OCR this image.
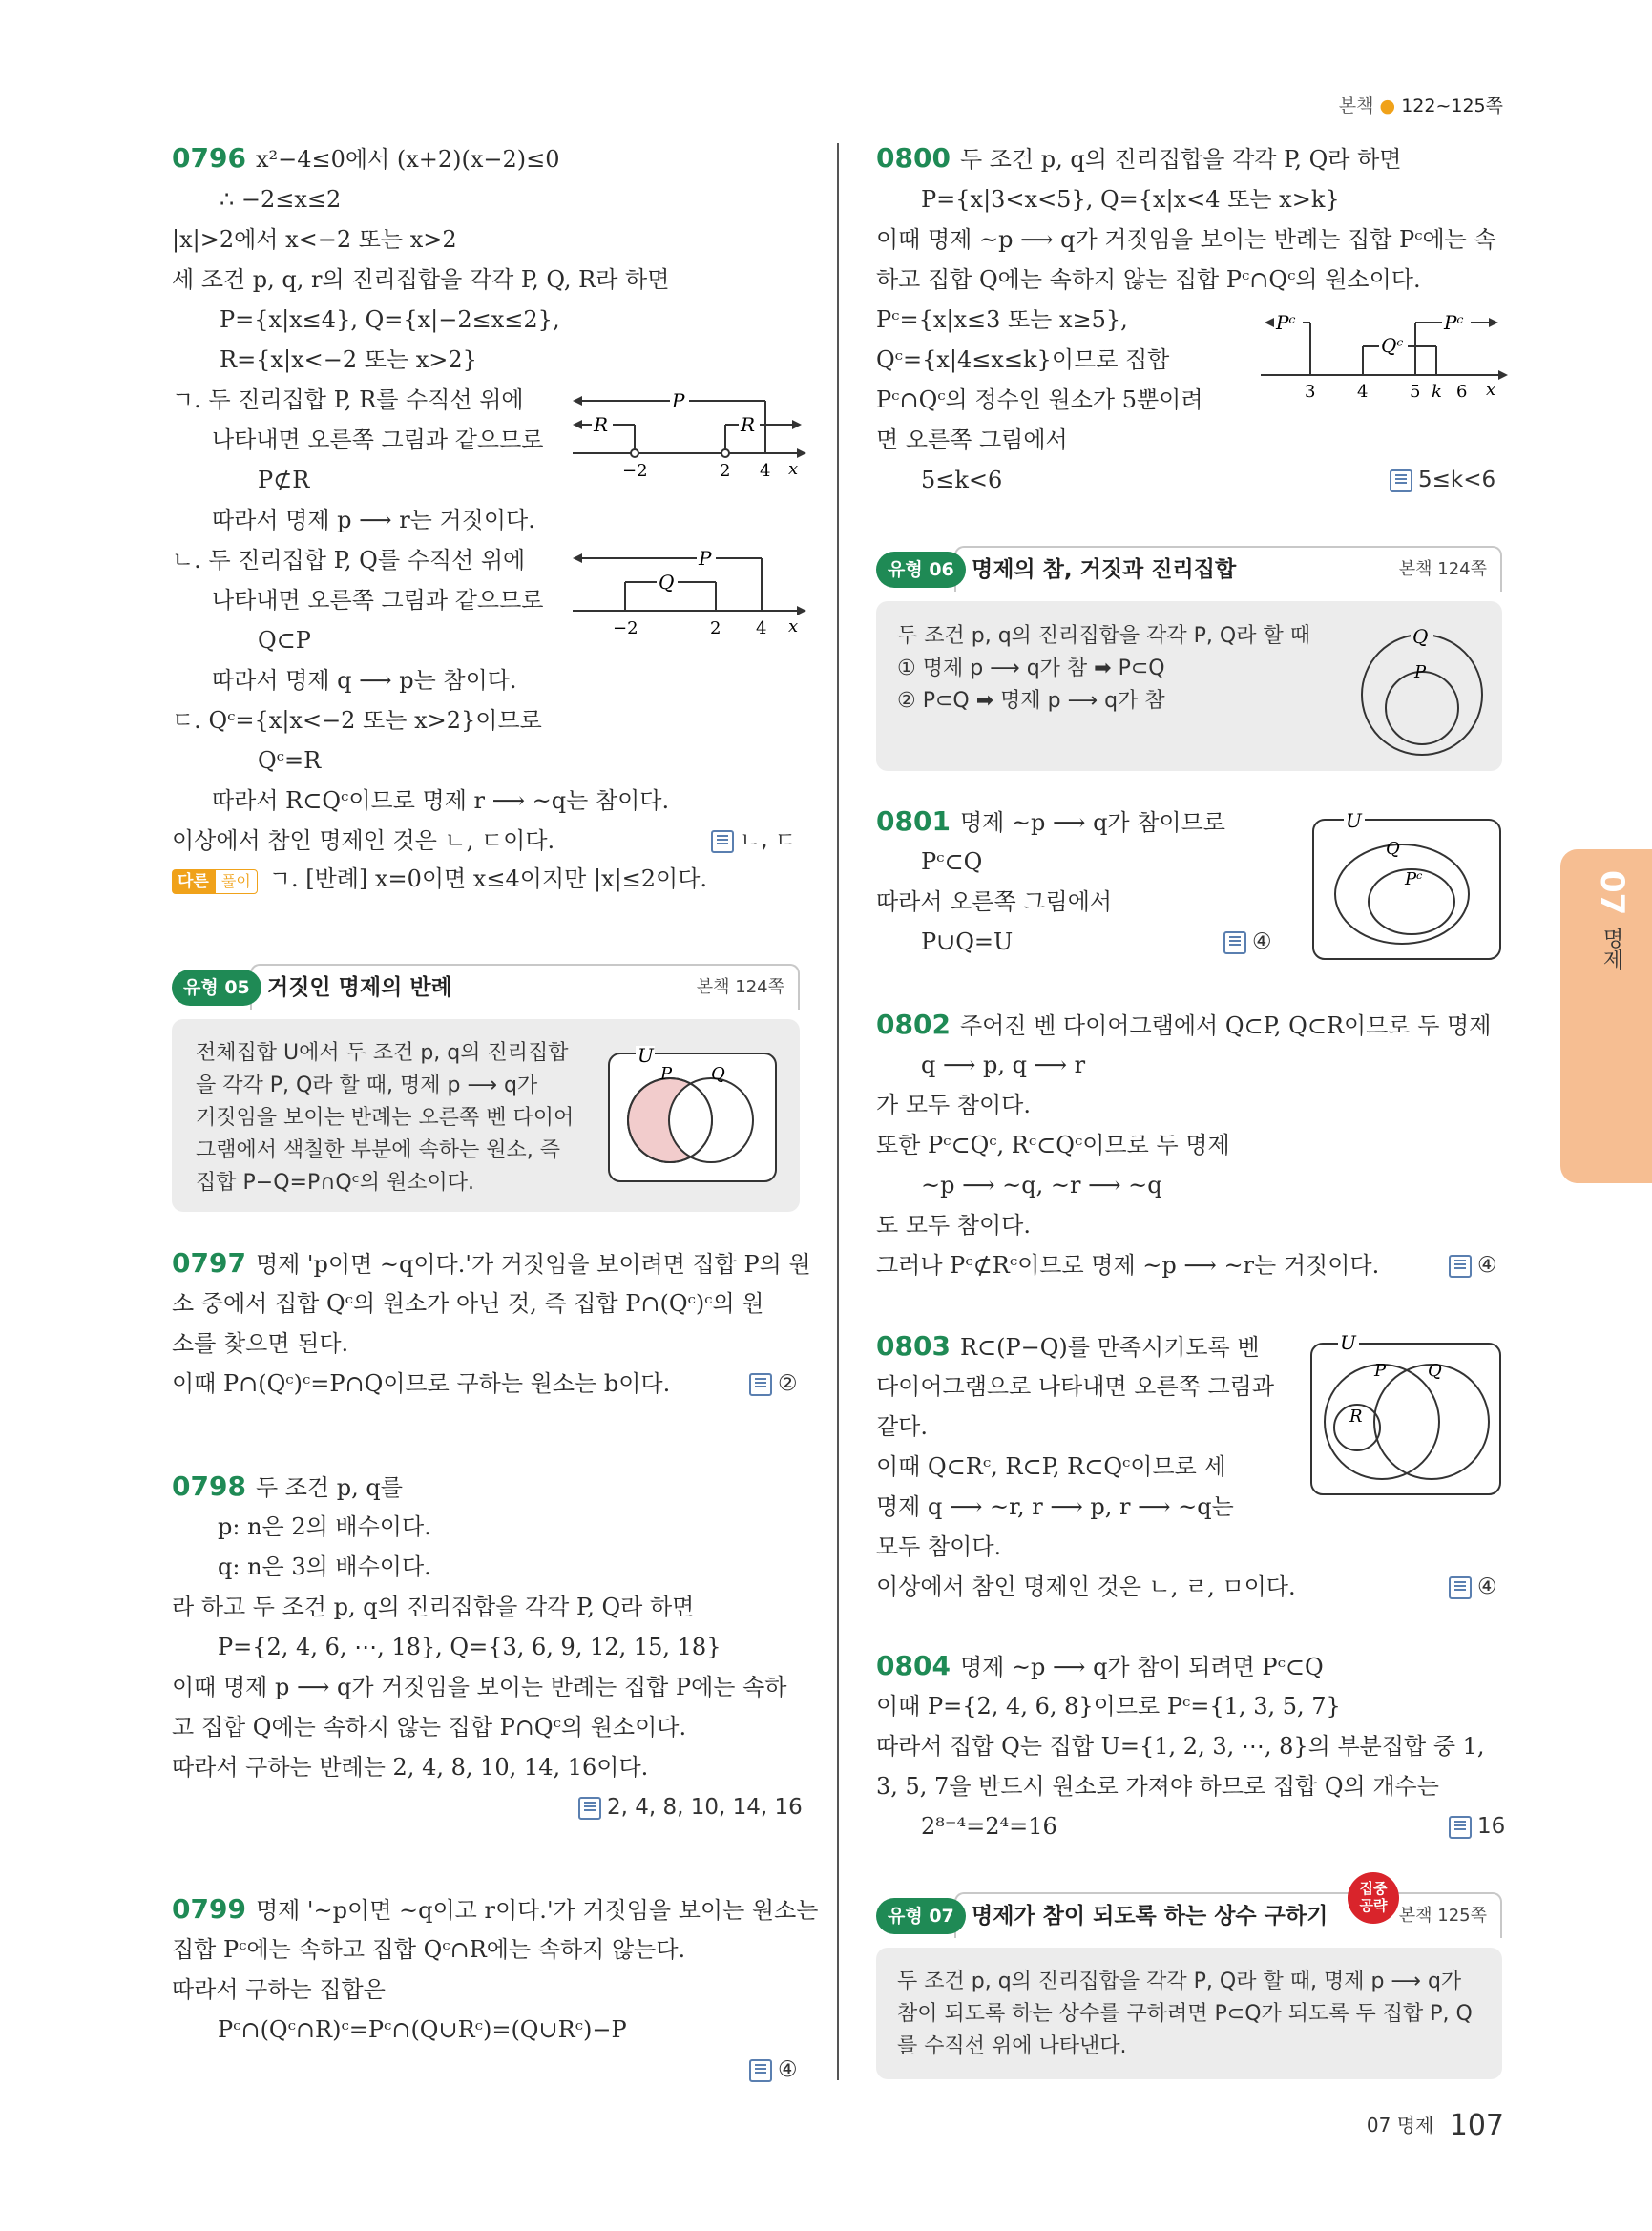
본책 ● 122~125쪽
0796 x²−4≤0에서 (x+2)(x−2)≤0
∴ −2≤x≤2
|x|>2에서 x<−2 또는 x>2
세 조건 p, q, r의 진리집합을 각각 P, Q, R라 하면
P={x|x≤4}, Q={x|−2≤x≤2},
R={x|x<−2 또는 x>2}
ㄱ. 두 진리집합 P, R를 수직선 위에
나타내면 오른쪽 그림과 같으므로
P⊄R
따라서 명제 p ⟶ r는 거짓이다.
ㄴ. 두 진리집합 P, Q를 수직선 위에
나타내면 오른쪽 그림과 같으므로
Q⊂P
따라서 명제 q ⟶ p는 참이다.
ㄷ. Qᶜ={x|x<−2 또는 x>2}이므로
Qᶜ=R
따라서 R⊂Qᶜ이므로 명제 r ⟶ ~q는 참이다.
이상에서 참인 명제인 것은 ㄴ, ㄷ이다.	ㄴ, ㄷ
다른 풀이 ㄱ. [반례] x=0이면 x≤4이지만 |x|≤2이다.
P
R	R
−2	2 4 x
P
Q
−2	2 4 x
거짓인 명제의 반례	본책 124쪽
유형 05
전체집합 U에서 두 조건 p, q의 진리집합
을 각각 P, Q라 할 때, 명제 p ⟶ q가
거짓임을 보이는 반례는 오른쪽 벤 다이어
그램에서 색칠한 부분에 속하는 원소, 즉
집합 P−Q=P∩Qᶜ의 원소이다.
U
P Q
0797 명제 'p이면 ~q이다.'가 거짓임을 보이려면 집합 P의 원
소 중에서 집합 Qᶜ의 원소가 아닌 것, 즉 집합 P∩(Qᶜ)ᶜ의 원
소를 찾으면 된다.
이때 P∩(Qᶜ)ᶜ=P∩Q이므로 구하는 원소는 b이다.	②
0798 두 조건 p, q를
p: n은 2의 배수이다.
q: n은 3의 배수이다.
라 하고 두 조건 p, q의 진리집합을 각각 P, Q라 하면
P={2, 4, 6, ⋯, 18}, Q={3, 6, 9, 12, 15, 18}
이때 명제 p ⟶ q가 거짓임을 보이는 반례는 집합 P에는 속하
고 집합 Q에는 속하지 않는 집합 P∩Qᶜ의 원소이다.
따라서 구하는 반례는 2, 4, 8, 10, 14, 16이다.
2, 4, 8, 10, 14, 16
0799 명제 '~p이면 ~q이고 r이다.'가 거짓임을 보이는 원소는
집합 Pᶜ에는 속하고 집합 Qᶜ∩R에는 속하지 않는다.
따라서 구하는 집합은
Pᶜ∩(Qᶜ∩R)ᶜ=Pᶜ∩(Q∪Rᶜ)=(Q∪Rᶜ)−P
④
0800 두 조건 p, q의 진리집합을 각각 P, Q라 하면
P={x|3<x<5}, Q={x|x<4 또는 x>k}
이때 명제 ~p ⟶ q가 거짓임을 보이는 반례는 집합 Pᶜ에는 속
하고 집합 Q에는 속하지 않는 집합 Pᶜ∩Qᶜ의 원소이다.
Pᶜ={x|x≤3 또는 x≥5},
Qᶜ={x|4≤x≤k}이므로 집합
Pᶜ∩Qᶜ의 정수인 원소가 5뿐이려
면 오른쪽 그림에서
5≤k<6	5≤k<6
Pᶜ	Pᶜ
Qᶜ
3 4 5 k 6 x
명제의 참, 거짓과 진리집합	본책 124쪽
유형 06
두 조건 p, q의 진리집합을 각각 P, Q라 할 때
① 명제 p ⟶ q가 참 ➡ P⊂Q
② P⊂Q ➡ 명제 p ⟶ q가 참
Q
P
0801 명제 ~p ⟶ q가 참이므로
Pᶜ⊂Q
따라서 오른쪽 그림에서
P∪Q=U	④
U
Q
Pᶜ
0802 주어진 벤 다이어그램에서 Q⊂P, Q⊂R이므로 두 명제
q ⟶ p, q ⟶ r
가 모두 참이다.
또한 Pᶜ⊂Qᶜ, Rᶜ⊂Qᶜ이므로 두 명제
~p ⟶ ~q, ~r ⟶ ~q
도 모두 참이다.
그러나 Pᶜ⊄Rᶜ이므로 명제 ~p ⟶ ~r는 거짓이다.	④
0803 R⊂(P−Q)를 만족시키도록 벤
다이어그램으로 나타내면 오른쪽 그림과
같다.
이때 Q⊂Rᶜ, R⊂P, R⊂Qᶜ이므로 세
명제 q ⟶ ~r, r ⟶ p, r ⟶ ~q는
모두 참이다.
이상에서 참인 명제인 것은 ㄴ, ㄹ, ㅁ이다.	④
U
P Q
R
0804 명제 ~p ⟶ q가 참이 되려면 Pᶜ⊂Q
이때 P={2, 4, 6, 8}이므로 Pᶜ={1, 3, 5, 7}
따라서 집합 Q는 집합 U={1, 2, 3, ⋯, 8}의 부분집합 중 1,
3, 5, 7을 반드시 원소로 가져야 하므로 집합 Q의 개수는
2⁸⁻⁴=2⁴=16	16
명제가 참이 되도록 하는 상수 구하기	본책 125쪽
유형 07
집중
공략
두 조건 p, q의 진리집합을 각각 P, Q라 할 때, 명제 p ⟶ q가
참이 되도록 하는 상수를 구하려면 P⊂Q가 되도록 두 집합 P, Q
를 수직선 위에 나타낸다.
07
명제
07 명제 107
